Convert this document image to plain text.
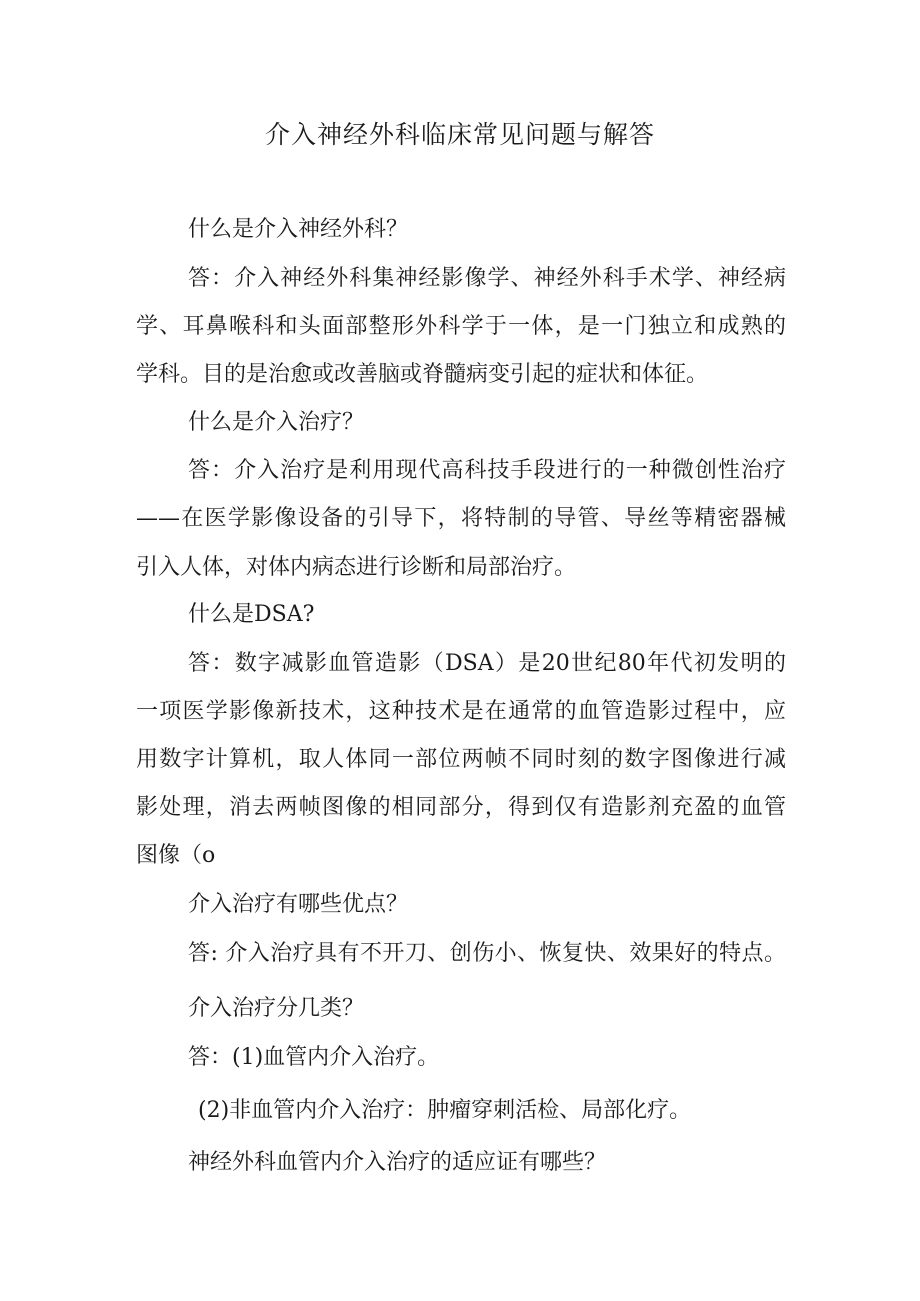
介入神经外科临床常见问题与解答
什么是介入神经外科？
答：介入神经外科集神经影像学、神经外科手术学、神经病
学、耳鼻喉科和头面部整形外科学于一体，是一门独立和成熟的
学科。目的是治愈或改善脑或脊髓病变引起的症状和体征。
什么是介入治疗？
答：介入治疗是利用现代高科技手段进行的一种微创性治疗
——在医学影像设备的引导下，将特制的导管、导丝等精密器械
引入人体，对体内病态进行诊断和局部治疗。
什么是DSA?
答：数字减影血管造影（DSA）是20世纪80年代初发明的
一项医学影像新技术，这种技术是在通常的血管造影过程中，应
用数字计算机，取人体同一部位两帧不同时刻的数字图像进行减
影处理，消去两帧图像的相同部分，得到仅有造影剂充盈的血管
图像（o
介入治疗有哪些优点？
答: 介入治疗具有不开刀、创伤小、恢复快、效果好的特点。
介入治疗分几类？
答：(1)血管内介入治疗。
(2)非血管内介入治疗：肿瘤穿刺活检、局部化疗。
神经外科血管内介入治疗的适应证有哪些？
